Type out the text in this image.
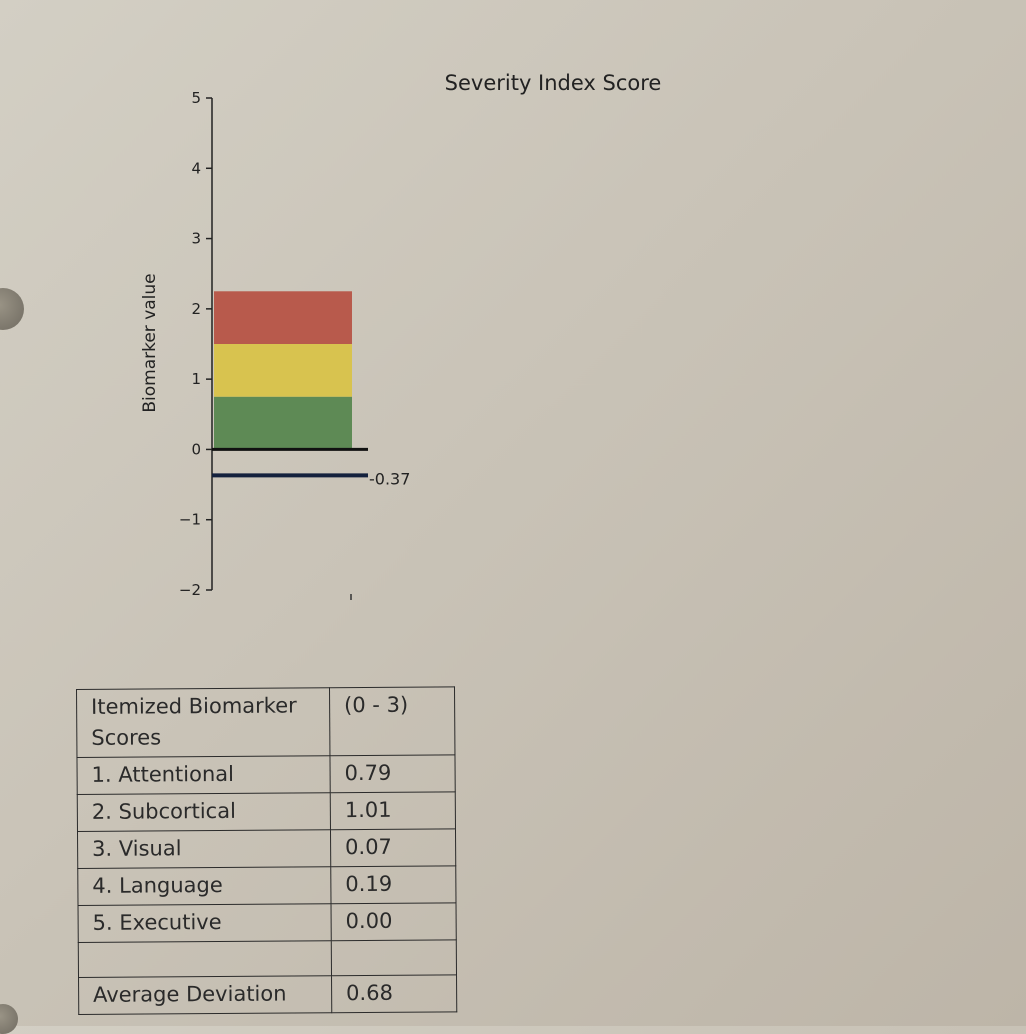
Severity Index Score
Biomarker value
−2
−1
0
1
2
3
4
5
-0.37
Itemized Biomarker Scores	(0 - 3)
1. Attentional	0.79
2. Subcortical	1.01
3. Visual	0.07
4. Language	0.19
5. Executive	0.00

Average Deviation	0.68
